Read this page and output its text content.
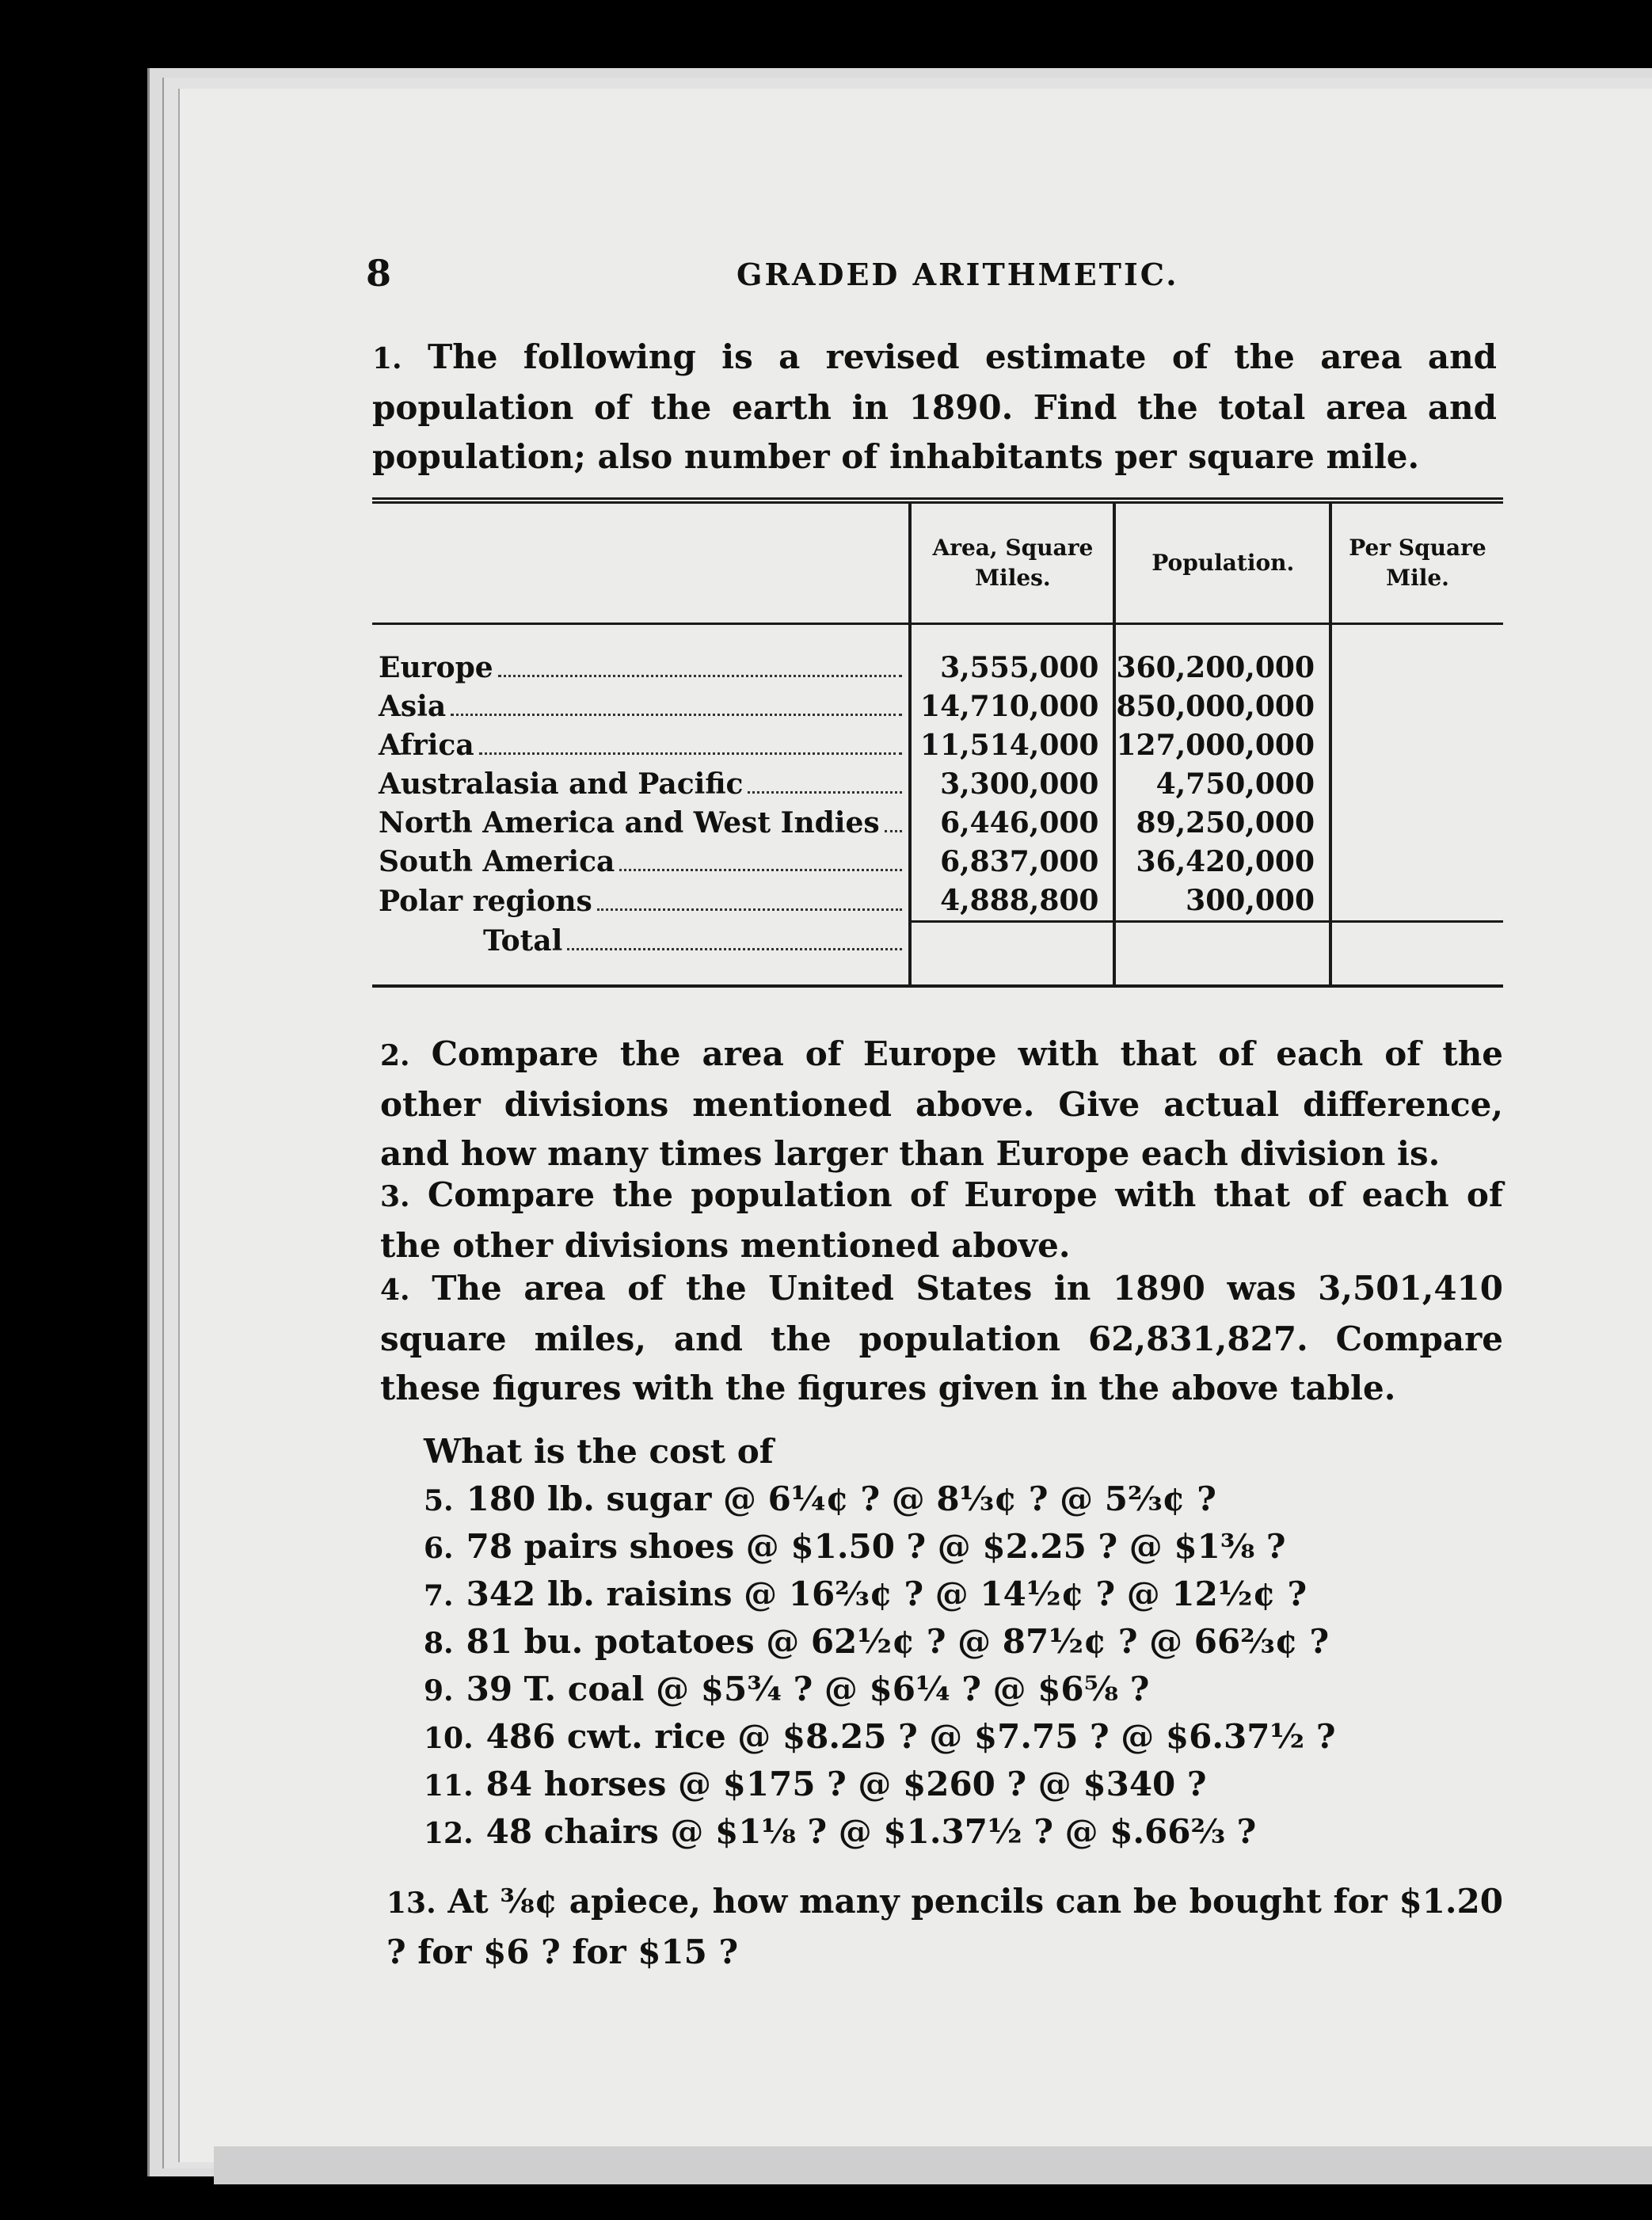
8	GRADED ARITHMETIC.
1. The following is a revised estimate of the area and population of the earth in 1890. Find the total area and population; also number of inhabitants per square mile.
	Area, Square Miles.	Population.	Per Square Mile.

Europe	3,555,000	360,200,000	

Asia	14,710,000	850,000,000	

Africa	11,514,000	127,000,000	

Australasia and Pacific	3,300,000	4,750,000	

North America and West Indies	6,446,000	89,250,000	

South America	6,837,000	36,420,000	

Polar regions	4,888,800	300,000	

Total			

2. Compare the area of Europe with that of each of the other divisions mentioned above. Give actual difference, and how many times larger than Europe each division is.
3. Compare the population of Europe with that of each of the other divisions mentioned above.
4. The area of the United States in 1890 was 3,501,410 square miles, and the population 62,831,827. Compare these figures with the figures given in the above table.
What is the cost of
5. 180 lb. sugar @ 6¼¢ ? @ 8⅓¢ ? @ 5⅔¢ ?
6. 78 pairs shoes @ $1.50 ? @ $2.25 ? @ $1⅜ ?
7. 342 lb. raisins @ 16⅔¢ ? @ 14½¢ ? @ 12½¢ ?
8. 81 bu. potatoes @ 62½¢ ? @ 87½¢ ? @ 66⅔¢ ?
9. 39 T. coal @ $5¾ ? @ $6¼ ? @ $6⅝ ?
10. 486 cwt. rice @ $8.25 ? @ $7.75 ? @ $6.37½ ?
11. 84 horses @ $175 ? @ $260 ? @ $340 ?
12. 48 chairs @ $1⅛ ? @ $1.37½ ? @ $.66⅔ ?
13. At ⅜¢ apiece, how many pencils can be bought for $1.20 ? for $6 ? for $15 ?
